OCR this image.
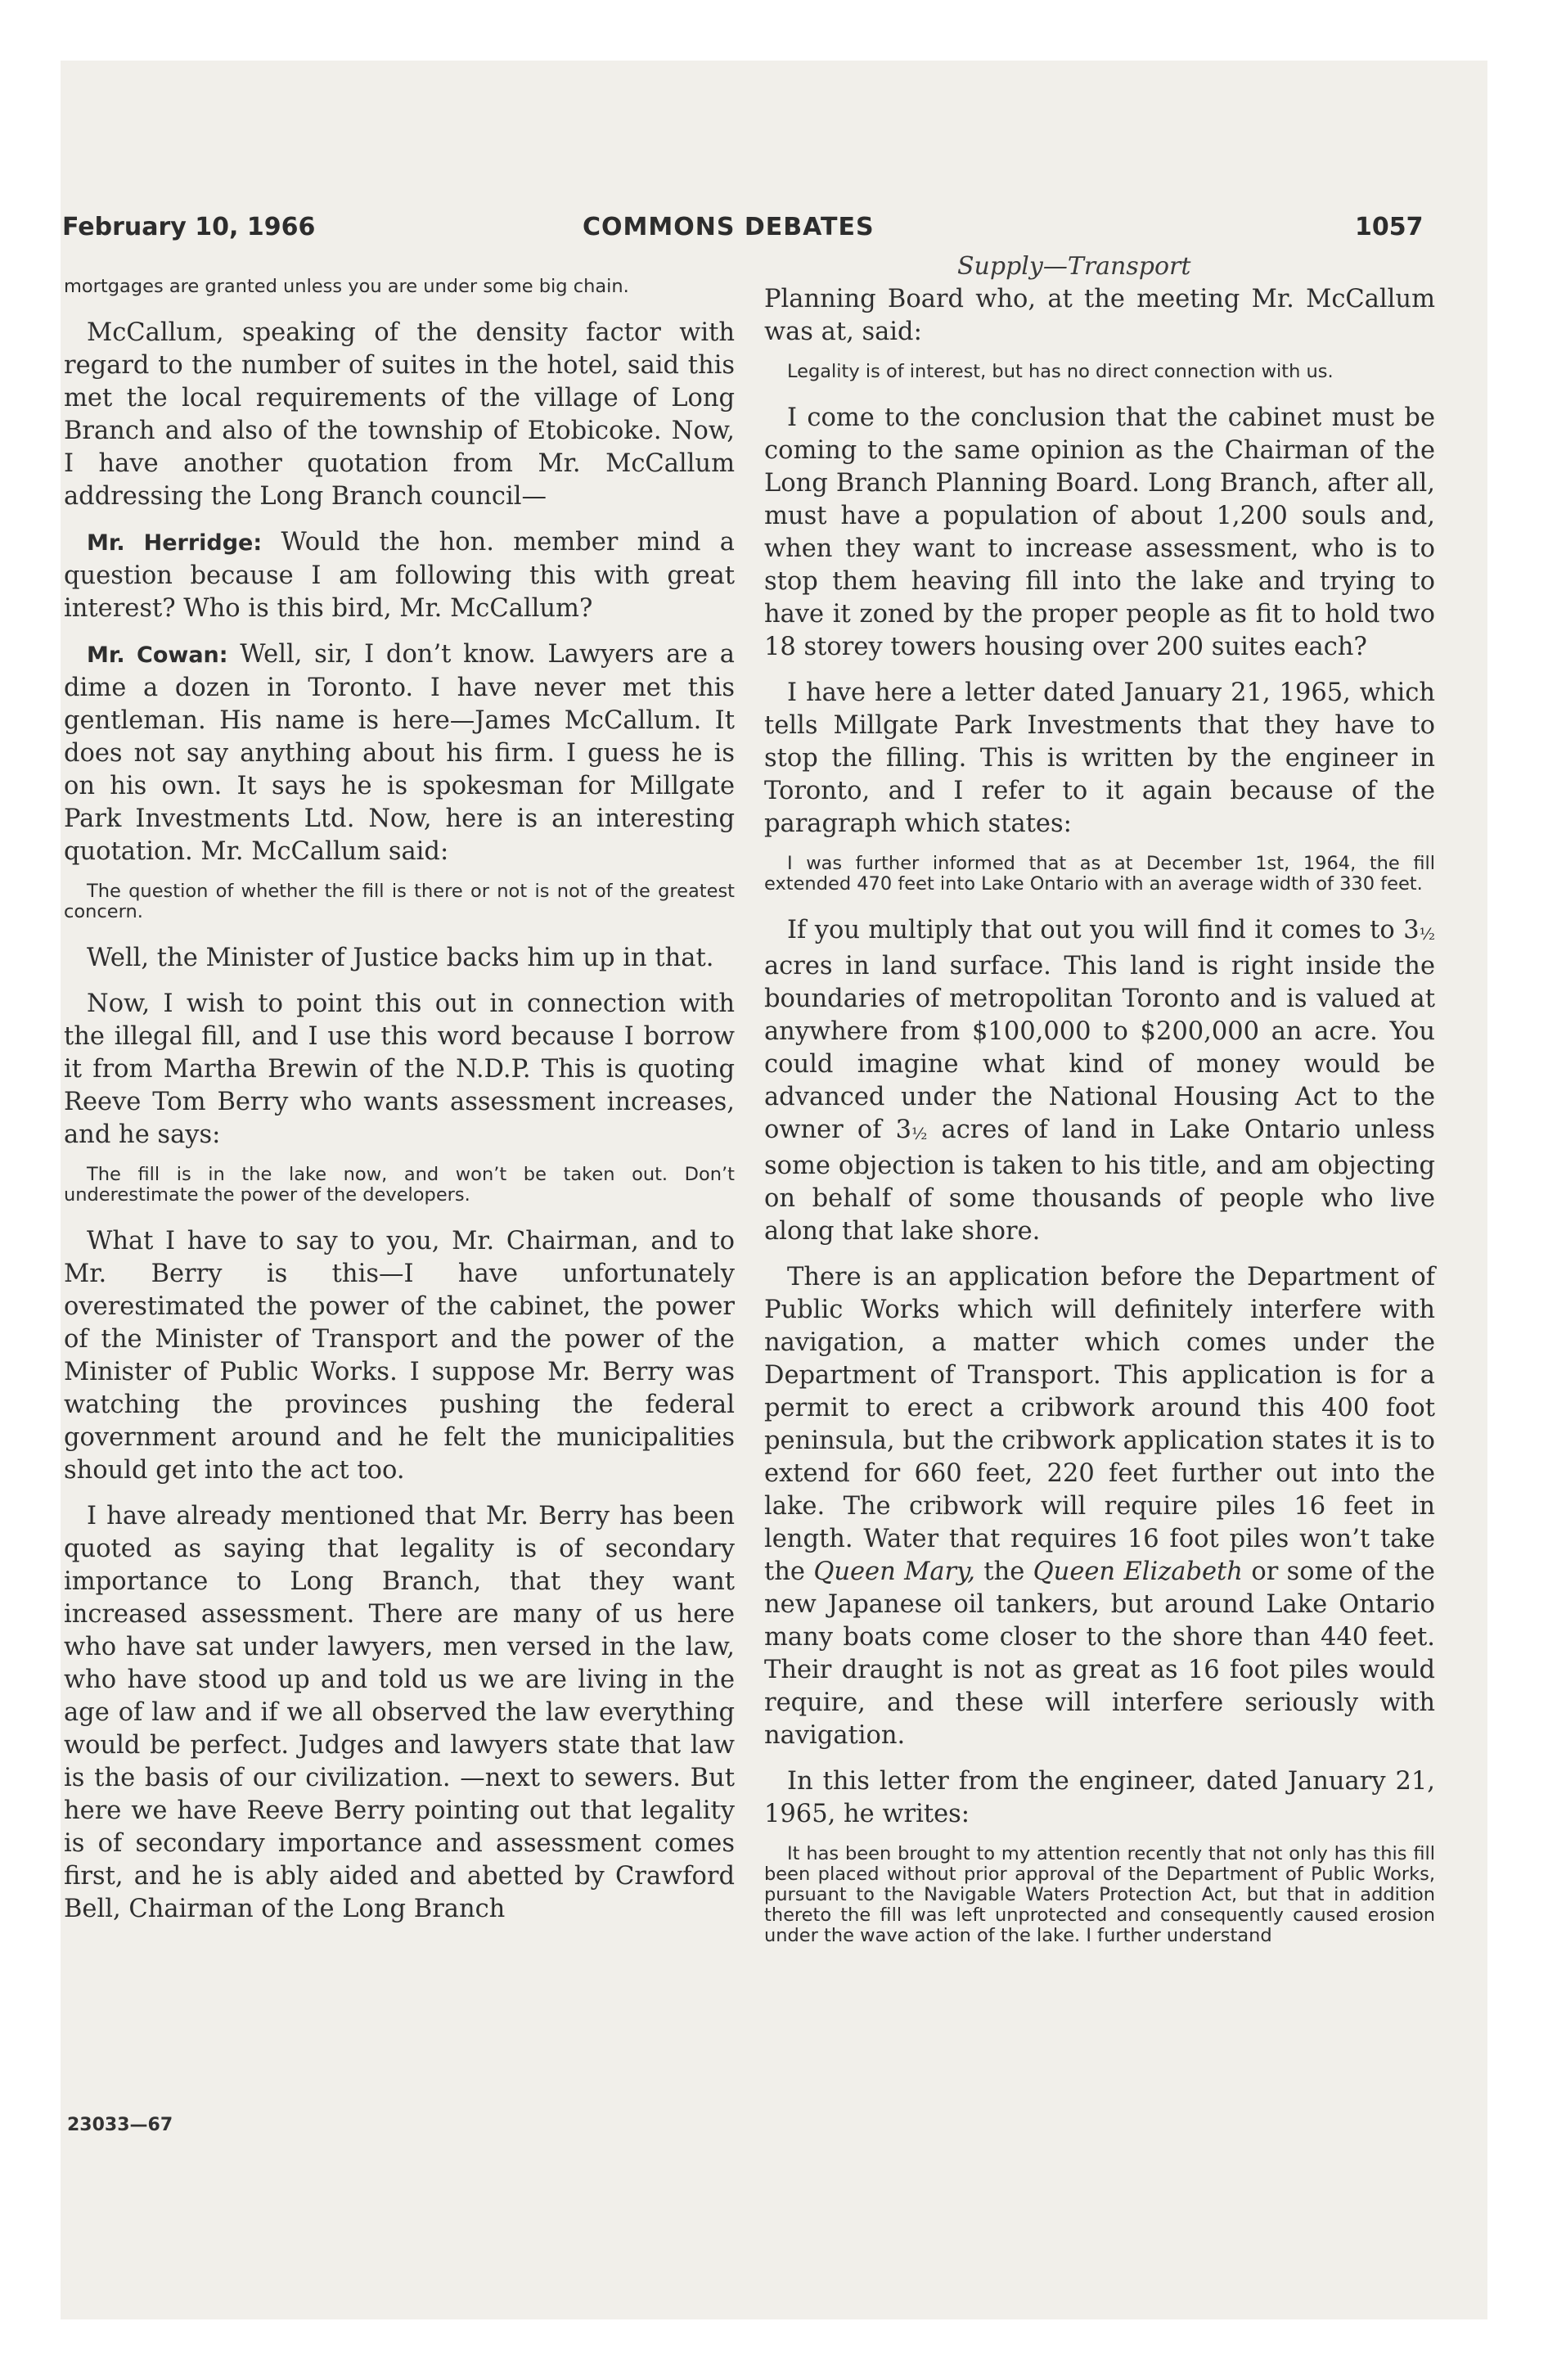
February 10, 1966	COMMONS DEBATES	1057
Supply—Transport

mortgages are granted unless you are under some big chain.

McCallum, speaking of the density factor with regard to the number of suites in the hotel, said this met the local requirements of the village of Long Branch and also of the township of Etobicoke. Now, I have another quotation from Mr. McCallum addressing the Long Branch council—

Mr. Herridge: Would the hon. member mind a question because I am following this with great interest? Who is this bird, Mr. McCallum?

Mr. Cowan: Well, sir, I don’t know. Lawyers are a dime a dozen in Toronto. I have never met this gentleman. His name is here—James McCallum. It does not say anything about his firm. I guess he is on his own. It says he is spokesman for Millgate Park Investments Ltd. Now, here is an interesting quotation. Mr. McCallum said:

The question of whether the fill is there or not is not of the greatest concern.

Well, the Minister of Justice backs him up in that.

Now, I wish to point this out in connection with the illegal fill, and I use this word because I borrow it from Martha Brewin of the N.D.P. This is quoting Reeve Tom Berry who wants assessment increases, and he says:

The fill is in the lake now, and won’t be taken out. Don’t underestimate the power of the developers.

What I have to say to you, Mr. Chairman, and to Mr. Berry is this—I have unfortunately overestimated the power of the cabinet, the power of the Minister of Transport and the power of the Minister of Public Works. I suppose Mr. Berry was watching the provinces pushing the federal government around and he felt the municipalities should get into the act too.

I have already mentioned that Mr. Berry has been quoted as saying that legality is of secondary importance to Long Branch, that they want increased assessment. There are many of us here who have sat under lawyers, men versed in the law, who have stood up and told us we are living in the age of law and if we all observed the law everything would be perfect. Judges and lawyers state that law is the basis of our civilization. —next to sewers. But here we have Reeve Berry pointing out that legality is of secondary importance and assessment comes first, and he is ably aided and abetted by Crawford Bell, Chairman of the Long Branch

23033—67

Planning Board who, at the meeting Mr. McCallum was at, said:

Legality is of interest, but has no direct connection with us.

I come to the conclusion that the cabinet must be coming to the same opinion as the Chairman of the Long Branch Planning Board. Long Branch, after all, must have a population of about 1,200 souls and, when they want to increase assessment, who is to stop them heaving fill into the lake and trying to have it zoned by the proper people as fit to hold two 18 storey towers housing over 200 suites each?

I have here a letter dated January 21, 1965, which tells Millgate Park Investments that they have to stop the filling. This is written by the engineer in Toronto, and I refer to it again because of the paragraph which states:

I was further informed that as at December 1st, 1964, the fill extended 470 feet into Lake Ontario with an average width of 330 feet.

If you multiply that out you will find it comes to 3½ acres in land surface. This land is right inside the boundaries of metropolitan Toronto and is valued at anywhere from $100,000 to $200,000 an acre. You could imagine what kind of money would be advanced under the National Housing Act to the owner of 3½ acres of land in Lake Ontario unless some objection is taken to his title, and am objecting on behalf of some thousands of people who live along that lake shore.

There is an application before the Department of Public Works which will definitely interfere with navigation, a matter which comes under the Department of Transport. This application is for a permit to erect a cribwork around this 400 foot peninsula, but the cribwork application states it is to extend for 660 feet, 220 feet further out into the lake. The cribwork will require piles 16 feet in length. Water that requires 16 foot piles won’t take the Queen Mary, the Queen Elizabeth or some of the new Japanese oil tankers, but around Lake Ontario many boats come closer to the shore than 440 feet. Their draught is not as great as 16 foot piles would require, and these will interfere seriously with navigation.

In this letter from the engineer, dated January 21, 1965, he writes:

It has been brought to my attention recently that not only has this fill been placed without prior approval of the Department of Public Works, pursuant to the Navigable Waters Protection Act, but that in addition thereto the fill was left unprotected and consequently caused erosion under the wave action of the lake. I further understand
